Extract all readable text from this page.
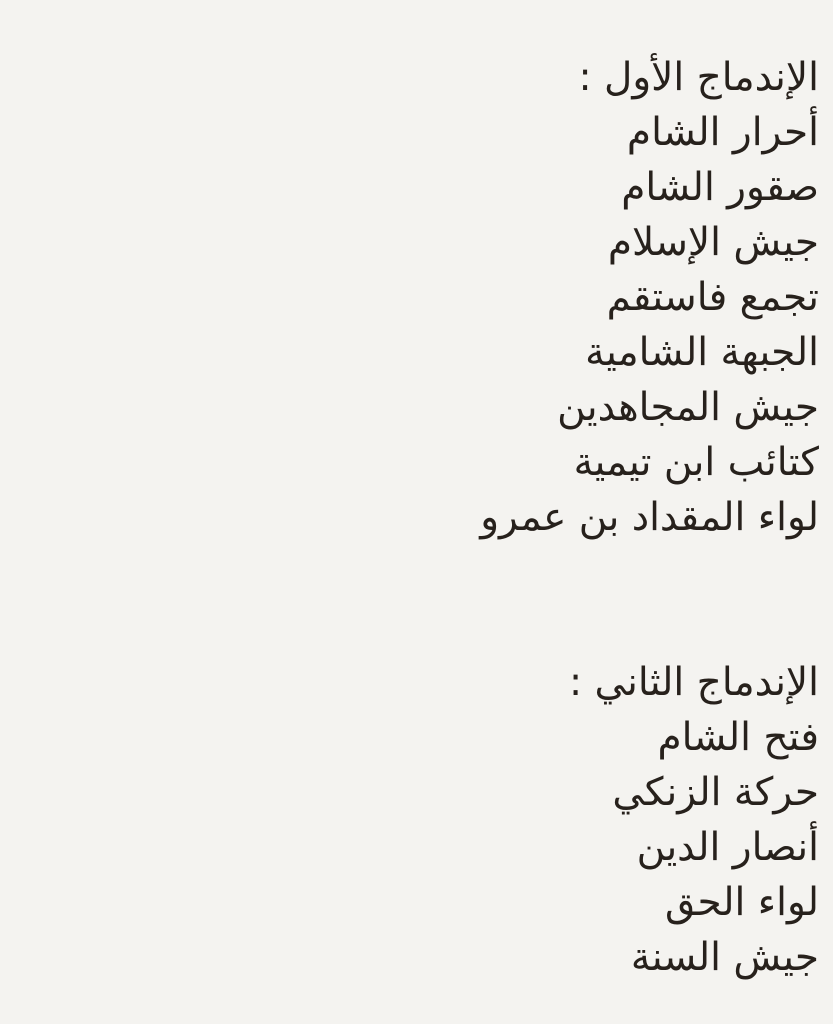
الإندماج الأول :
أحرار الشام
صقور الشام
جيش الإسلام
تجمع فاستقم
الجبهة الشامية
جيش المجاهدين
كتائب ابن تيمية
لواء المقداد بن عمرو
الإندماج الثاني :
فتح الشام
حركة الزنكي
أنصار الدين
لواء الحق
جيش السنة
